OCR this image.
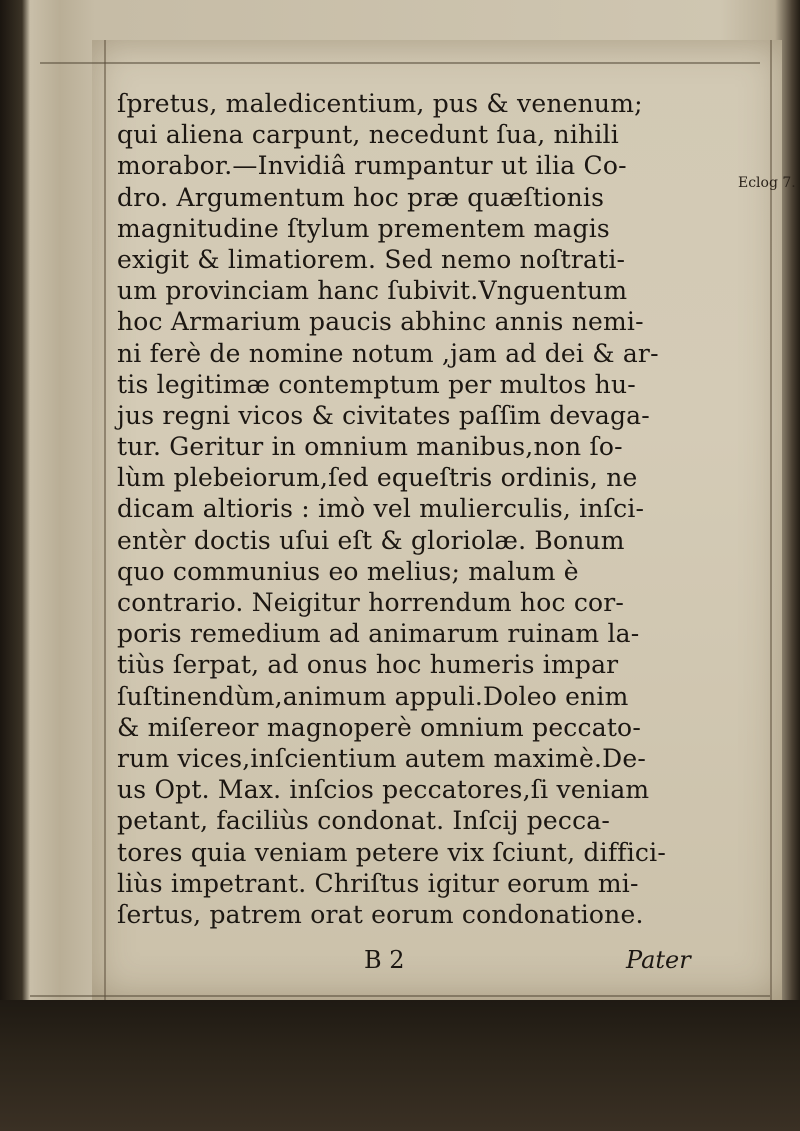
ſpretus, maledicentium, pus & venenum;
qui aliena carpunt, necedunt ſua, nihili
morabor.—Invidiâ rumpantur ut ilia Co-
dro. Argumentum hoc præ quæſtionis
magnitudine ſtylum prementem magis
exigit & limatiorem. Sed nemo noſtrati-
um provinciam hanc ſubivit.Vnguentum
hoc Armarium paucis abhinc annis nemi-
ni ferè de nomine notum ,jam ad dei & ar-
tis legitimæ contemptum per multos hu-
jus regni vicos & civitates paſſim devaga-
tur. Geritur in omnium manibus,non ſo-
lùm plebeiorum,ſed equeſtris ordinis, ne
dicam altioris : imò vel mulierculis, inſci-
entèr doctis uſui eſt & gloriolæ. Bonum
quo communius eo melius; malum è
contrario. Neigitur horrendum hoc cor-
poris remedium ad animarum ruinam la-
tiùs ſerpat, ad onus hoc humeris impar
ſuſtinendùm,animum appuli.Doleo enim
& miſereor magnoperè omnium peccato-
rum vices,inſcientium autem maximè.De-
us Opt. Max. inſcios peccatores,ſi veniam
petant, faciliùs condonat. Inſcij pecca-
tores quia veniam petere vix ſciunt, diffici-
liùs impetrant. Chriſtus igitur eorum mi-
ſertus, patrem orat eorum condonatione.
Eclog 7.
B 2	Pater
